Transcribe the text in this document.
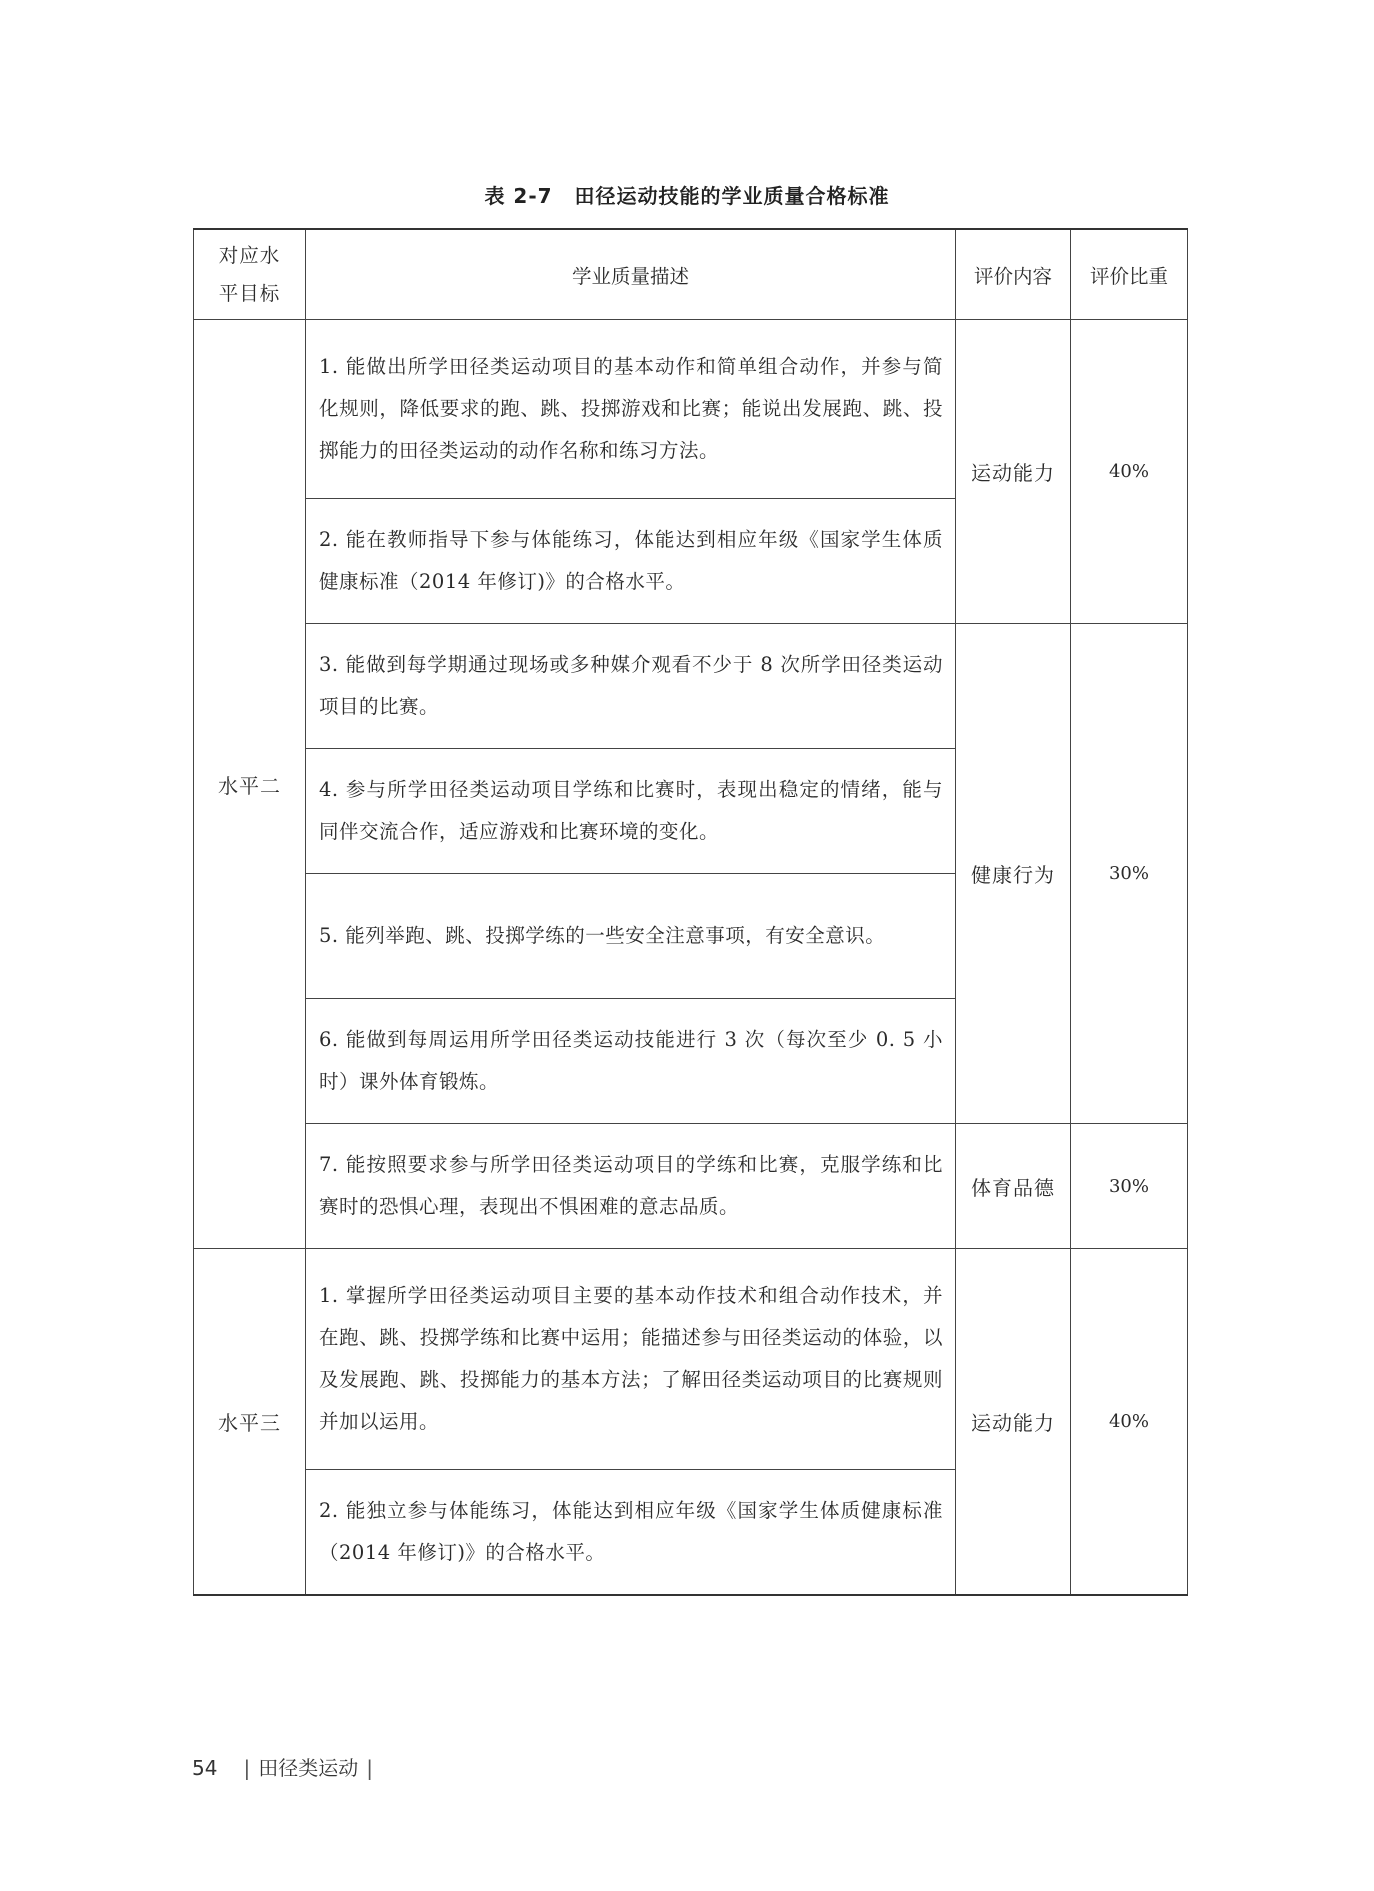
表 2-7 田径运动技能的学业质量合格标准
对应水
平目标	学业质量描述	评价内容	评价比重
水平二	1. 能做出所学田径类运动项目的基本动作和简单组合动作，并参与简化规则，降低要求的跑、跳、投掷游戏和比赛；能说出发展跑、跳、投掷能力的田径类运动的动作名称和练习方法。	运动能力	40%
	2. 能在教师指导下参与体能练习，体能达到相应年级《国家学生体质健康标准（2014 年修订)》的合格水平。		
	3. 能做到每学期通过现场或多种媒介观看不少于 8 次所学田径类运动项目的比赛。	健康行为	30%
	4. 参与所学田径类运动项目学练和比赛时，表现出稳定的情绪，能与同伴交流合作，适应游戏和比赛环境的变化。		
	5. 能列举跑、跳、投掷学练的一些安全注意事项，有安全意识。		
	6. 能做到每周运用所学田径类运动技能进行 3 次（每次至少 0. 5 小时）课外体育锻炼。		
	7. 能按照要求参与所学田径类运动项目的学练和比赛，克服学练和比赛时的恐惧心理，表现出不惧困难的意志品质。	体育品德	30%
水平三	1. 掌握所学田径类运动项目主要的基本动作技术和组合动作技术，并在跑、跳、投掷学练和比赛中运用；能描述参与田径类运动的体验，以及发展跑、跳、投掷能力的基本方法；了解田径类运动项目的比赛规则并加以运用。	运动能力	40%
	2. 能独立参与体能练习，体能达到相应年级《国家学生体质健康标准（2014 年修订)》的合格水平。		
54 | 田径类运动 |
